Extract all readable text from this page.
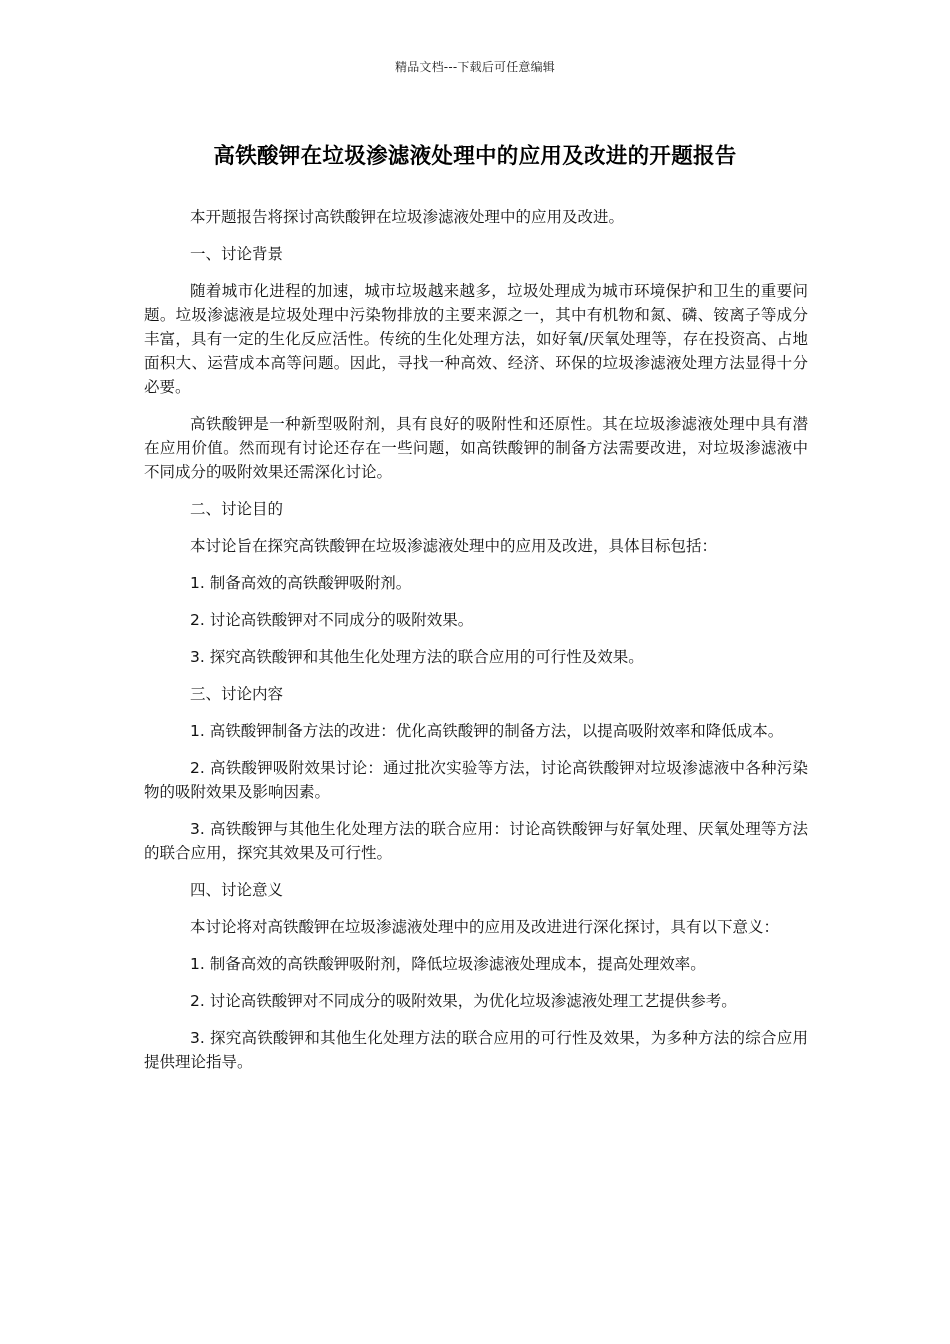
精品文档---下载后可任意编辑
高铁酸钾在垃圾渗滤液处理中的应用及改进的开题报告

本开题报告将探讨高铁酸钾在垃圾渗滤液处理中的应用及改进。

一、讨论背景

随着城市化进程的加速，城市垃圾越来越多，垃圾处理成为城市环境保护和卫生的重要问题。垃圾渗滤液是垃圾处理中污染物排放的主要来源之一，其中有机物和氮、磷、铵离子等成分丰富，具有一定的生化反应活性。传统的生化处理方法，如好氧/厌氧处理等，存在投资高、占地面积大、运营成本高等问题。因此，寻找一种高效、经济、环保的垃圾渗滤液处理方法显得十分必要。

高铁酸钾是一种新型吸附剂，具有良好的吸附性和还原性。其在垃圾渗滤液处理中具有潜在应用价值。然而现有讨论还存在一些问题，如高铁酸钾的制备方法需要改进，对垃圾渗滤液中不同成分的吸附效果还需深化讨论。

二、讨论目的

本讨论旨在探究高铁酸钾在垃圾渗滤液处理中的应用及改进，具体目标包括：

1. 制备高效的高铁酸钾吸附剂。

2. 讨论高铁酸钾对不同成分的吸附效果。

3. 探究高铁酸钾和其他生化处理方法的联合应用的可行性及效果。

三、讨论内容

1. 高铁酸钾制备方法的改进：优化高铁酸钾的制备方法，以提高吸附效率和降低成本。

2. 高铁酸钾吸附效果讨论：通过批次实验等方法，讨论高铁酸钾对垃圾渗滤液中各种污染物的吸附效果及影响因素。

3. 高铁酸钾与其他生化处理方法的联合应用：讨论高铁酸钾与好氧处理、厌氧处理等方法的联合应用，探究其效果及可行性。

四、讨论意义

本讨论将对高铁酸钾在垃圾渗滤液处理中的应用及改进进行深化探讨，具有以下意义：

1. 制备高效的高铁酸钾吸附剂，降低垃圾渗滤液处理成本，提高处理效率。

2. 讨论高铁酸钾对不同成分的吸附效果，为优化垃圾渗滤液处理工艺提供参考。

3. 探究高铁酸钾和其他生化处理方法的联合应用的可行性及效果，为多种方法的综合应用提供理论指导。
